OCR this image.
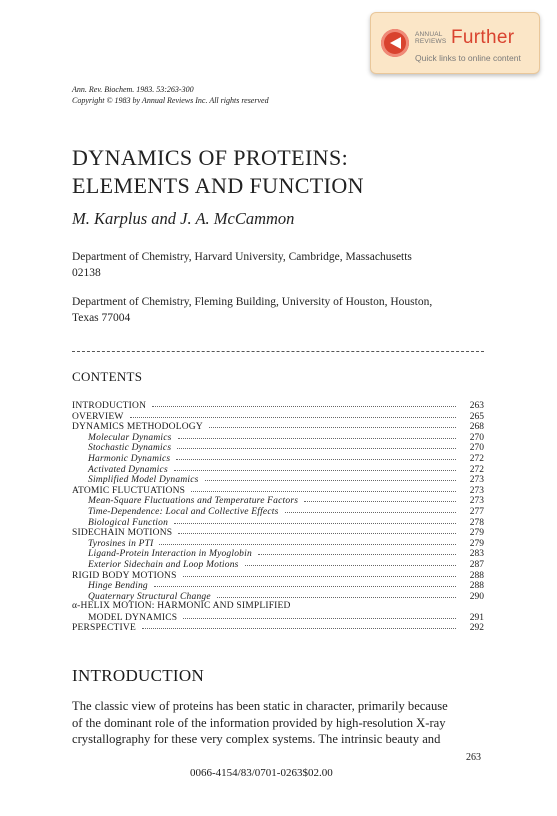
ANNUAL
REVIEWS Further
Quick links to online content
Ann. Rev. Biochem. 1983. 53:263-300
Copyright © 1983 by Annual Reviews Inc. All rights reserved
DYNAMICS OF PROTEINS:
ELEMENTS AND FUNCTION
M. Karplus and J. A. McCammon
Department of Chemistry, Harvard University, Cambridge, Massachusetts
02138
Department of Chemistry, Fleming Building, University of Houston, Houston,
Texas 77004
CONTENTS
INTRODUCTION	263
OVERVIEW	265
DYNAMICS METHODOLOGY	268
Molecular Dynamics	270
Stochastic Dynamics	270
Harmonic Dynamics	272
Activated Dynamics	272
Simplified Model Dynamics	273
ATOMIC FLUCTUATIONS	273
Mean-Square Fluctuations and Temperature Factors	273
Time-Dependence: Local and Collective Effects	277
Biological Function	278
SIDECHAIN MOTIONS	279
Tyrosines in PTI	279
Ligand-Protein Interaction in Myoglobin	283
Exterior Sidechain and Loop Motions	287
RIGID BODY MOTIONS	288
Hinge Bending	288
Quaternary Structural Change	290
α-HELIX MOTION: HARMONIC AND SIMPLIFIED
MODEL DYNAMICS	291
PERSPECTIVE	292
INTRODUCTION
The classic view of proteins has been static in character, primarily because
of the dominant role of the information provided by high-resolution X-ray
crystallography for these very complex systems. The intrinsic beauty and
263
0066-4154/83/0701-0263$02.00
